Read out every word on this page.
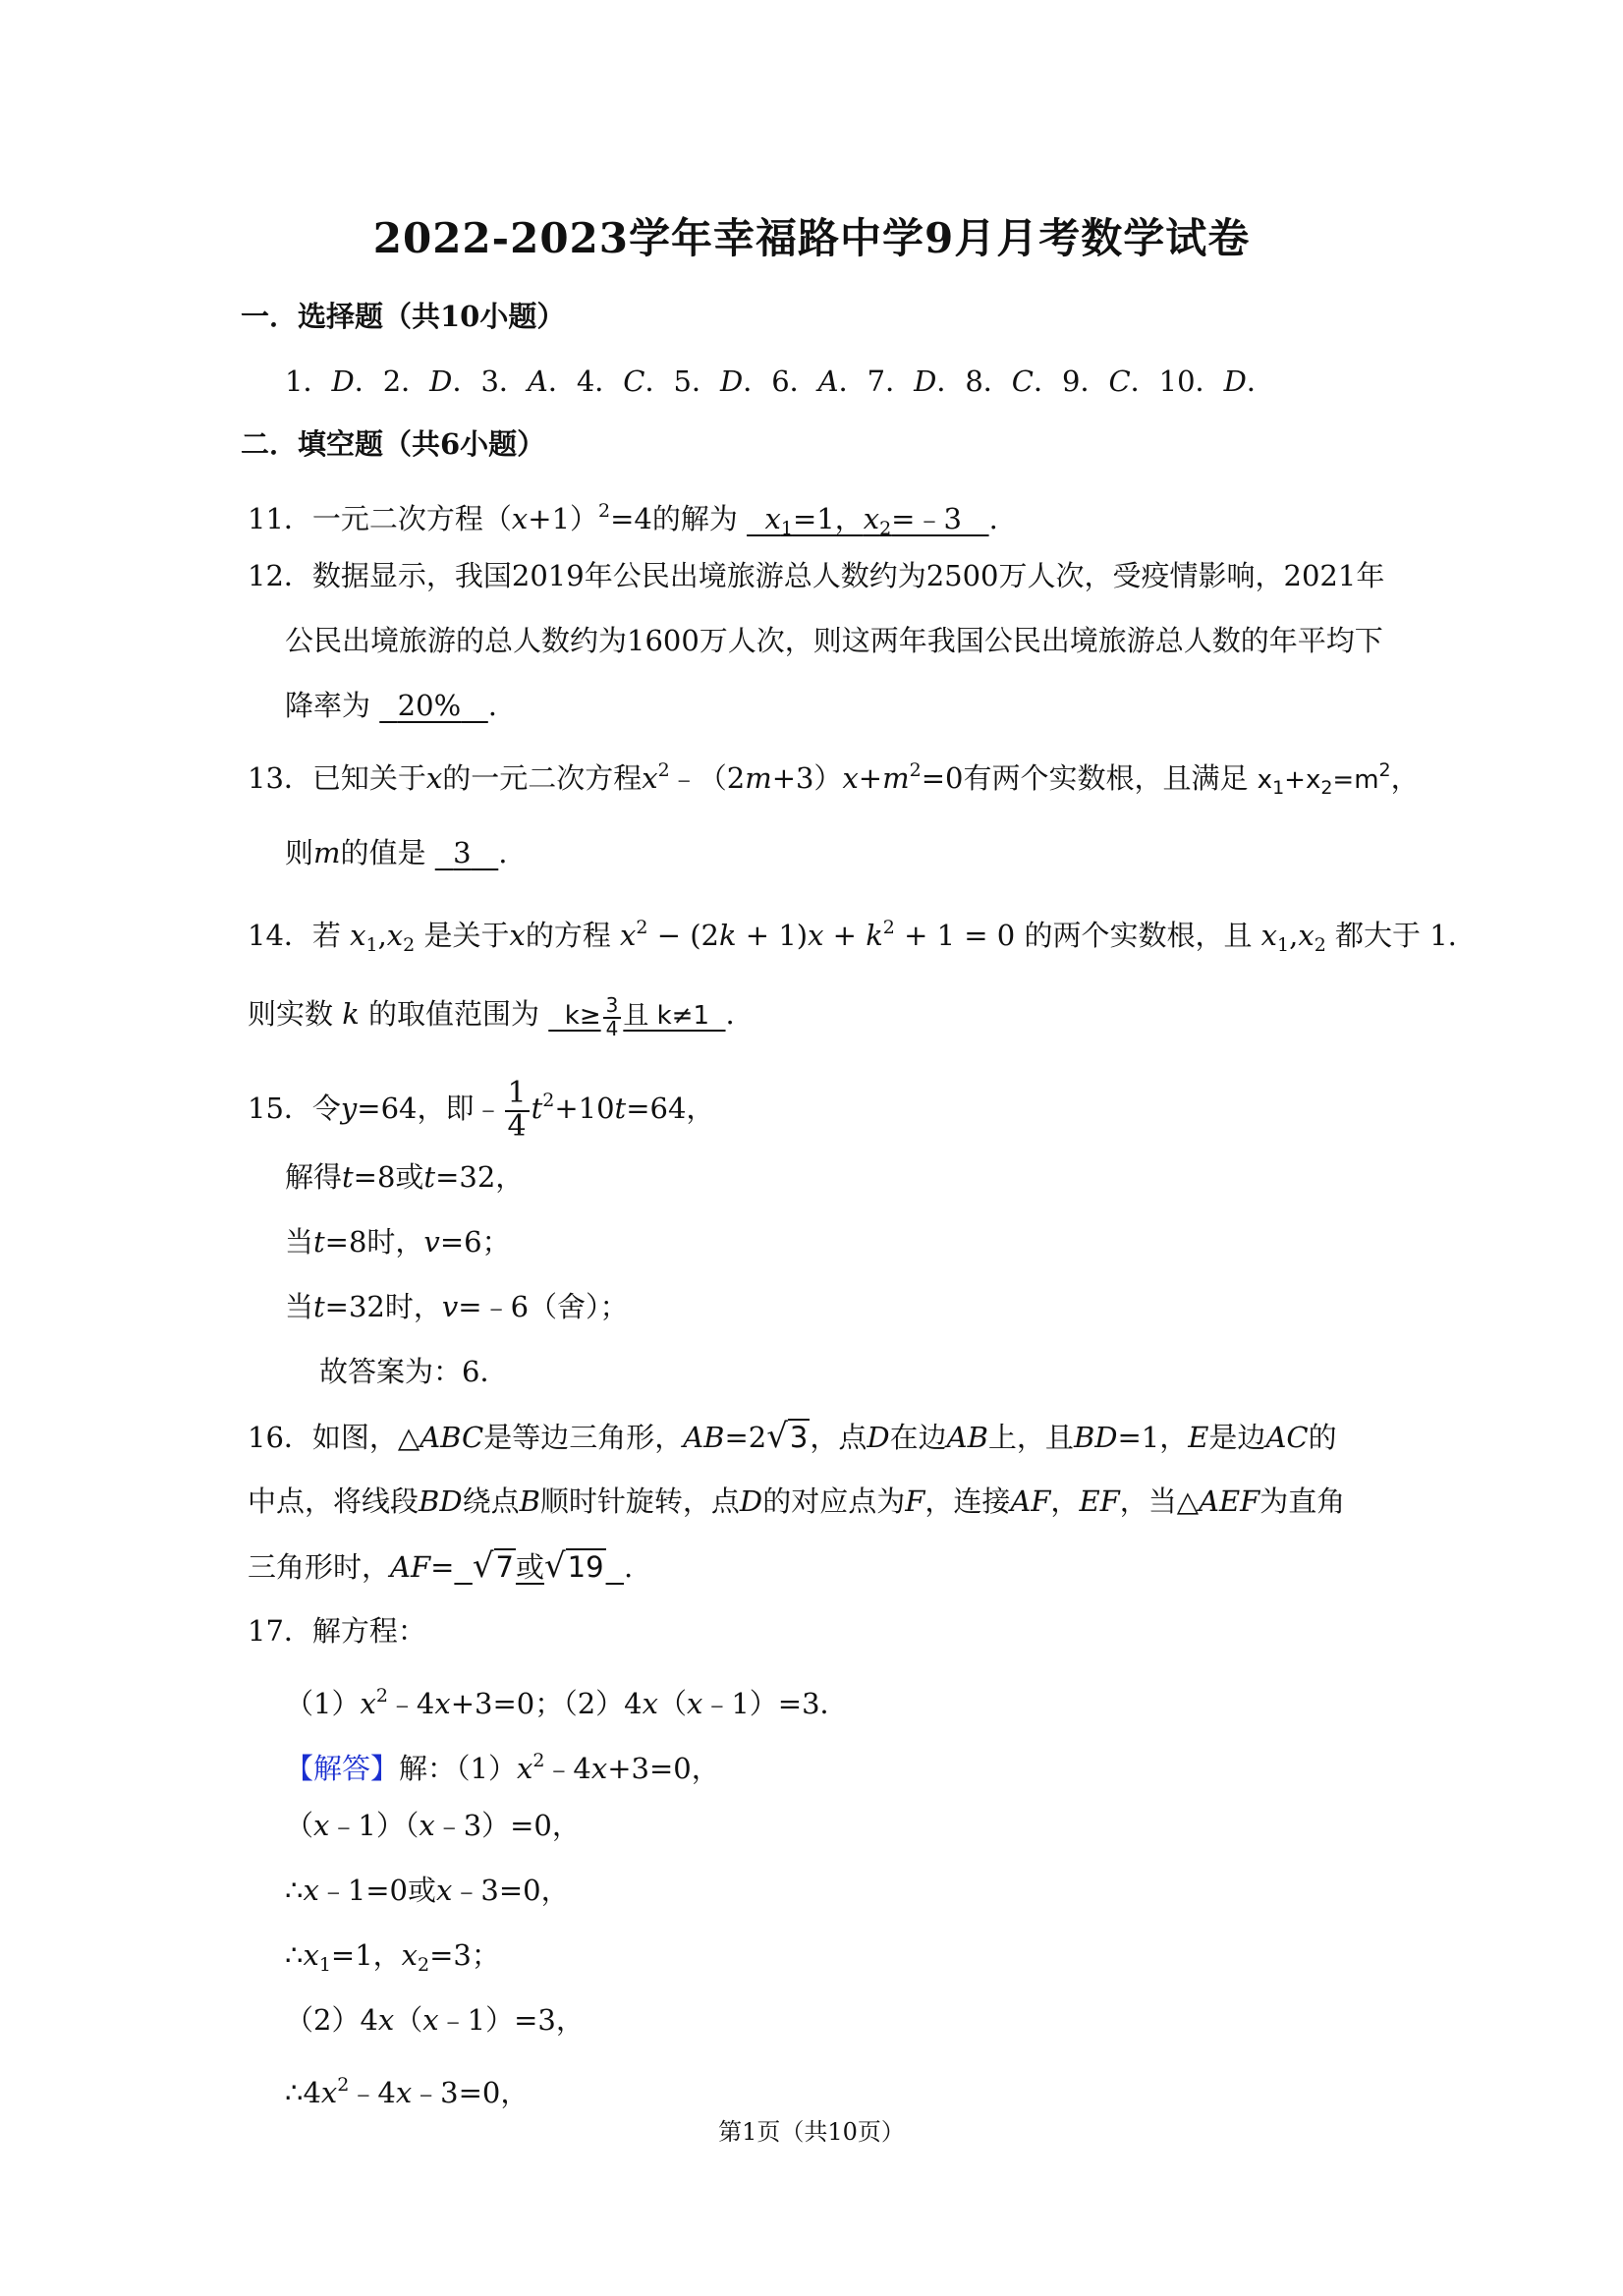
2022-2023学年幸福路中学9月月考数学试卷
一．选择题（共10小题）
1．D．2．D．3．A．4．C．5．D．6．A．7．D．8．C．9．C．10．D．
二．填空题（共6小题）
11．一元二次方程$(x+1)^2=4$的解为   $x_1=1$，$x_2=﹣3$   .
12．数据显示，我国2019年公民出境旅游总人数约为2500万人次，受疫情影响，2021年
公民出境旅游的总人数约为1600万人次，则这两年我国公民出境旅游总人数的年平均下
降率为 20% .
13．已知关于x的一元二次方程$x^2﹣(2m+3)x+m^2=0$有两个实数根，且满足 $x_1+x_2=m^2$，
则m的值是   3 .
14．若 $x_1,x_2$ 是关于x的方程 $x^2 - (2k + 1)x + k^2 + 1 = 0$ 的两个实数根，且 $x_1,x_2$ 都大于 1.
则实数 k 的取值范围为   $k\ge \frac{3}{4}$ 且 k≠1  .
15．令y=64，即﹣ $\frac{1}{4} t^2+10t=64$，
解得t=8或t=32，
当t=8时，v=6；
当t=32时，v=﹣6（舍）；
故答案为：6．
16．如图，△ABC是等边三角形，AB=2√3，点D在边AB上，且BD=1，E是边AC的
中点，将线段BD绕点B顺时针旋转，点D的对应点为F，连接AF，EF，当△AEF为直角
三角形时，AF= √7或√19 .
17．解方程：
$(1)x^2﹣4x+3=0$；（2）4x（x﹣1）=3．
【解答】解：$(1)x^2﹣4x+3=0$，
（x﹣1）（x﹣3）=0，
∴x﹣1=0或x﹣3=0，
$\therefore x_1=1$，$x_2=3$；
（2）4x（x﹣1）=3，
$\therefore 4x^2﹣4x﹣3=0$，
第1页（共10页）
